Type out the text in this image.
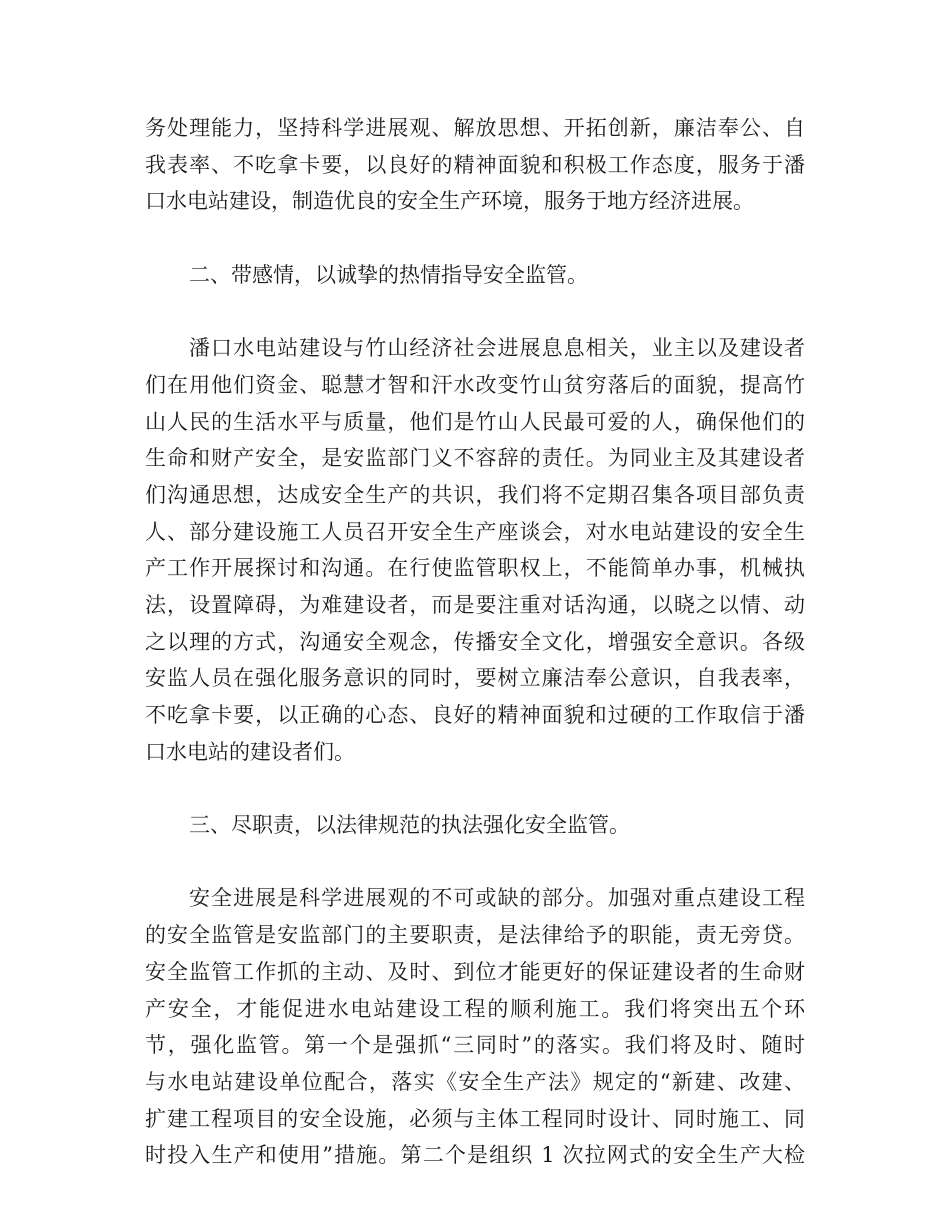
务处理能力，坚持科学进展观、解放思想、开拓创新，廉洁奉公、自
我表率、不吃拿卡要，以良好的精神面貌和积极工作态度，服务于潘
口水电站建设，制造优良的安全生产环境，服务于地方经济进展。
二、带感情，以诚挚的热情指导安全监管。
潘口水电站建设与竹山经济社会进展息息相关，业主以及建设者
们在用他们资金、聪慧才智和汗水改变竹山贫穷落后的面貌，提高竹
山人民的生活水平与质量，他们是竹山人民最可爱的人，确保他们的
生命和财产安全，是安监部门义不容辞的责任。为同业主及其建设者
们沟通思想，达成安全生产的共识，我们将不定期召集各项目部负责
人、部分建设施工人员召开安全生产座谈会，对水电站建设的安全生
产工作开展探讨和沟通。在行使监管职权上，不能简单办事，机械执
法，设置障碍，为难建设者，而是要注重对话沟通，以晓之以情、动
之以理的方式，沟通安全观念，传播安全文化，增强安全意识。各级
安监人员在强化服务意识的同时，要树立廉洁奉公意识，自我表率，
不吃拿卡要，以正确的心态、良好的精神面貌和过硬的工作取信于潘
口水电站的建设者们。
三、尽职责，以法律规范的执法强化安全监管。
安全进展是科学进展观的不可或缺的部分。加强对重点建设工程
的安全监管是安监部门的主要职责，是法律给予的职能，责无旁贷。
安全监管工作抓的主动、及时、到位才能更好的保证建设者的生命财
产安全，才能促进水电站建设工程的顺利施工。我们将突出五个环
节，强化监管。第一个是强抓“三同时”的落实。我们将及时、随时
与水电站建设单位配合，落实《安全生产法》规定的“新建、改建、
扩建工程项目的安全设施，必须与主体工程同时设计、同时施工、同
时投入生产和使用”措施。第二个是组织 1 次拉网式的安全生产大检
